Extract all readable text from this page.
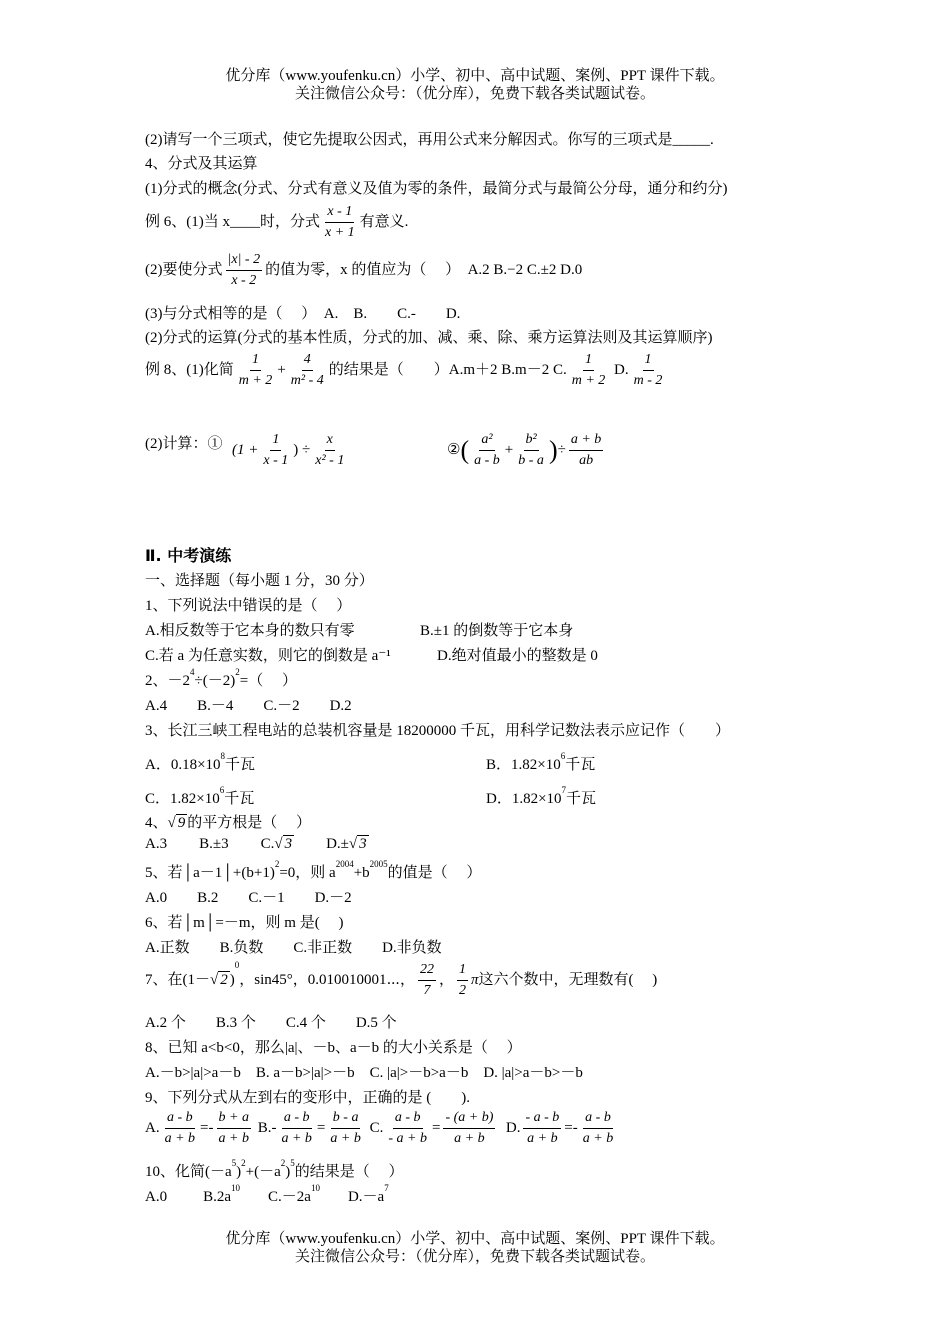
优分库（www.youfenku.cn）小学、初中、高中试题、案例、PPT 课件下载。
关注微信公众号：（优分库），免费下载各类试题试卷。
(2)请写一个三项式，使它先提取公因式，再用公式来分解因式。你写的三项式是_____.
4、分式及其运算
(1)分式的概念(分式、分式有意义及值为零的条件，最简分式与最简公分母，通分和约分)
例 6、(1)当 x____时，分式 $\frac{x - 1}{x + 1}$ 有意义.
(2)要使分式 $\frac{|x| - 2}{x - 2}$ 的值为零，x 的值应为（　 ）　A.2 B.−2 C.±2 D.0
(3)与分式相等的是（　 ）　A.　B.　　C.-　　D.
(2)分式的运算(分式的基本性质，分式的加、减、乘、除、乘方运算法则及其运算顺序)
例 8、(1)化简 $\frac{1}{m + 2} + \frac{4}{\text{m² - 4}}$ 的结果是（　　）A.m＋2 B.m－2 C. $\frac{1}{m + 2} D$. $\frac{1}{m - 2}$
(2)计算：① ($1 + \frac{1}{x - 1}$ ) ÷ $\frac{x}{\text{x² - 1}}$	②( $\frac{\text{a²}}{a - b} + \frac{\text{b²}}{b - a}$ )÷ $\frac{a + b}{ab}$
Ⅱ. 中考演练
一、选择题（每小题 1 分，30 分）
1、下列说法中错误的是（　 ）
A.相反数等于它本身的数只有零	B.±1 的倒数等于它本身
C.若 a 为任意实数，则它的倒数是 a⁻¹	D.绝对值最小的整数是 0
2、$-2^4\div(-2)^2=$（　 ）
A.4　　B.－4　　C.－2　　D.2
3、长江三峡工程电站的总装机容量是 18200000 千瓦，用科学记数法表示应记作（　　）
A．$0.18\times 10^8$千瓦	B．$1.82\times 10^6$千瓦
C．$1.82\times 10^6$千瓦	D．$1.82\times 10^7$千瓦
4、√ 9 的平方根是（　 ）
A.3 B.±3 C.√ 3 D.±√ 3
5、若$│a-1│+(b+1)^2=0$，则 $a^{2004}+b^{2005}$的值是（　 ）
A.0　　B.2　　C.－1　　D.－2
6、若│m│=－m，则 m 是(　 )
A.正数　　B.负数　　C.非正数　　D.非负数
7、在(1－√ 2 )$^0$，sin45°，0.010010001⋯， $\frac{22}{7}$ ， $\frac{1}{2}$ π这六个数中，无理数有(　 )
A.2 个　　B.3 个　　C.4 个　　D.5 个
8、已知 a<b<0，那么|a|、－b、a－b 的大小关系是（　 ）
A.－b>|a|>a－b　B. a－b>|a|>－b　C. |a|>－b>a－b　D. |a|>a－b>－b
9、下列分式从左到右的变形中，正确的是 (　　).
A. $\frac{a - b}{a + b} =- \frac{b + a}{a + b} B.- \frac{a - b}{a + b} = \frac{b - a}{a + b} C$. $\frac{a - b}{- a + b} = \frac{- (a + b)}{a + b} D$. $\frac{- a - b}{a + b} =- \frac{a - b}{a + b}$
10、化简$(-a^5)^2+(-a^2)^5$的结果是（　 ）
A.0 $B.2a^{10}C.-2a^{10}D.-a^7$
优分库（www.youfenku.cn）小学、初中、高中试题、案例、PPT 课件下载。
关注微信公众号：（优分库），免费下载各类试题试卷。
